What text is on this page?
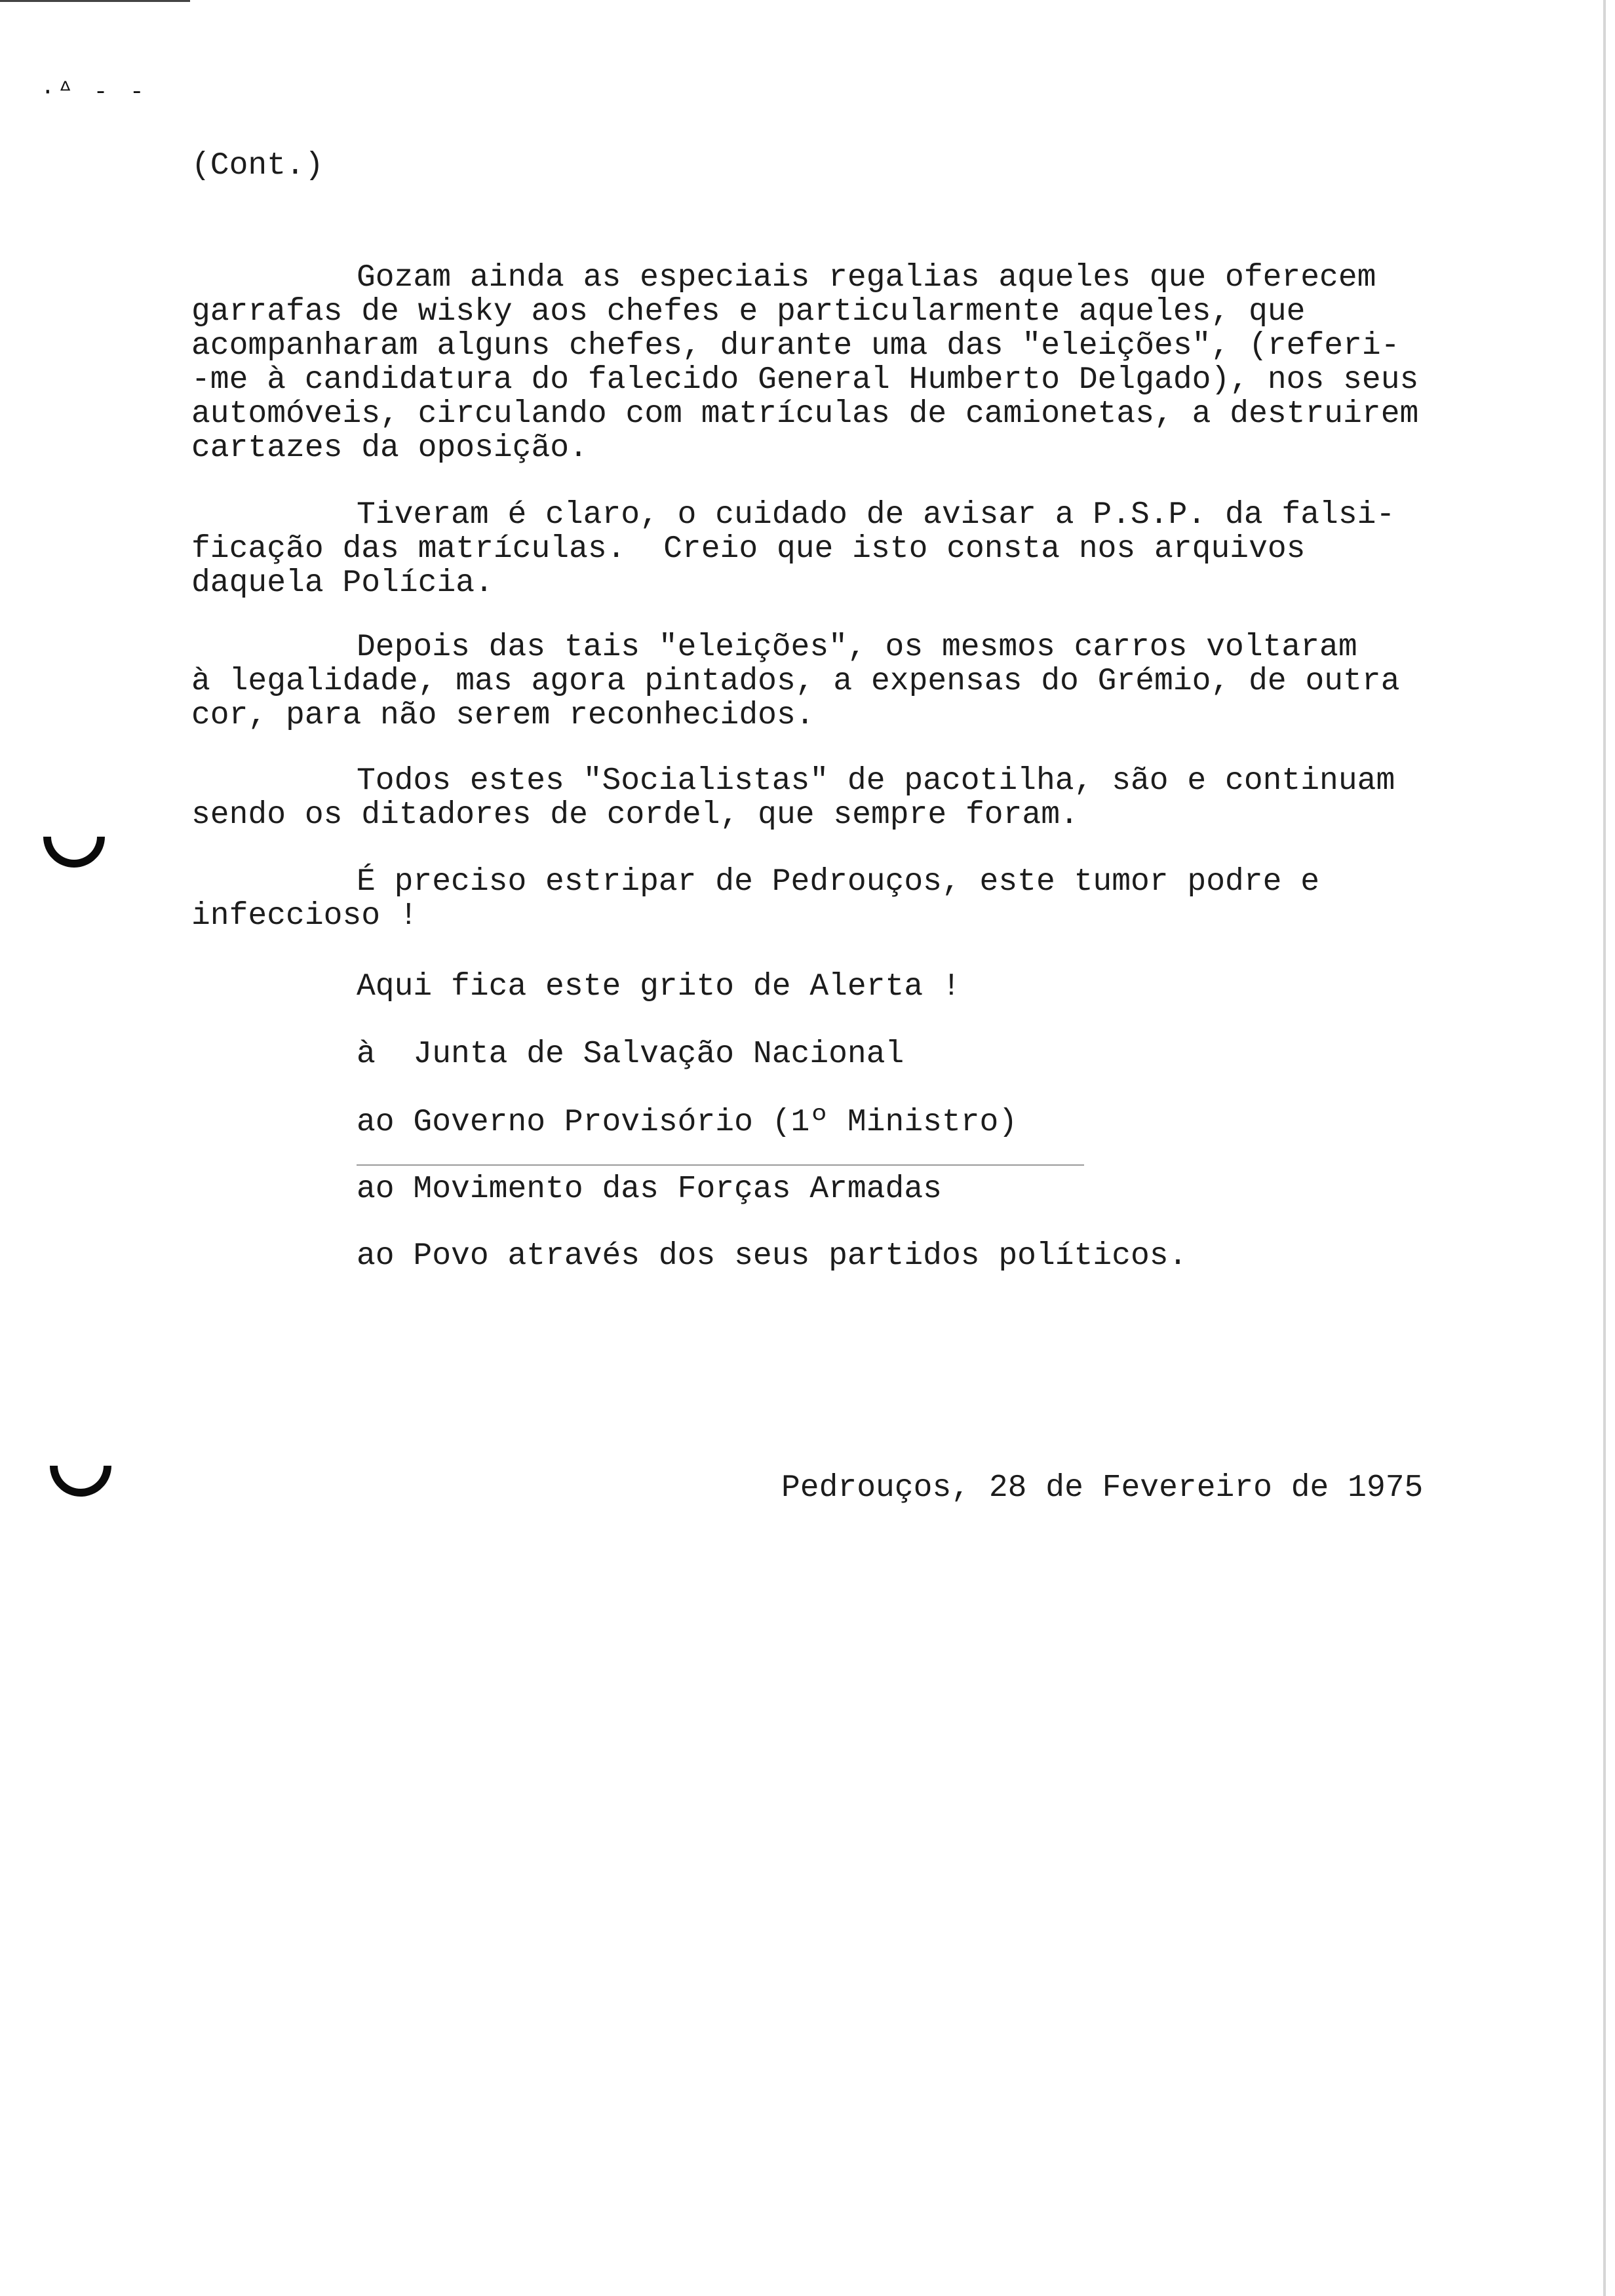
·ᐞ - ‑
(Cont.)
Gozam ainda as especiais regalias aqueles que oferecem
garrafas de wisky aos chefes e particularmente aqueles, que
acompanharam alguns chefes, durante uma das "eleições", (referi-
-me à candidatura do falecido General Humberto Delgado), nos seus
automóveis, circulando com matrículas de camionetas, a destruirem
cartazes da oposição.
Tiveram é claro, o cuidado de avisar a P.S.P. da falsi-
ficação das matrículas.  Creio que isto consta nos arquivos
daquela Polícia.
Depois das tais "eleições", os mesmos carros voltaram
à legalidade, mas agora pintados, a expensas do Grémio, de outra
cor, para não serem reconhecidos.
Todos estes "Socialistas" de pacotilha, são e continuam
sendo os ditadores de cordel, que sempre foram.
É preciso estripar de Pedrouços, este tumor podre e
infeccioso !
Aqui fica este grito de Alerta !
à  Junta de Salvação Nacional
ao Governo Provisório (1º Ministro)
ao Movimento das Forças Armadas
ao Povo através dos seus partidos políticos.
Pedrouços, 28 de Fevereiro de 1975
